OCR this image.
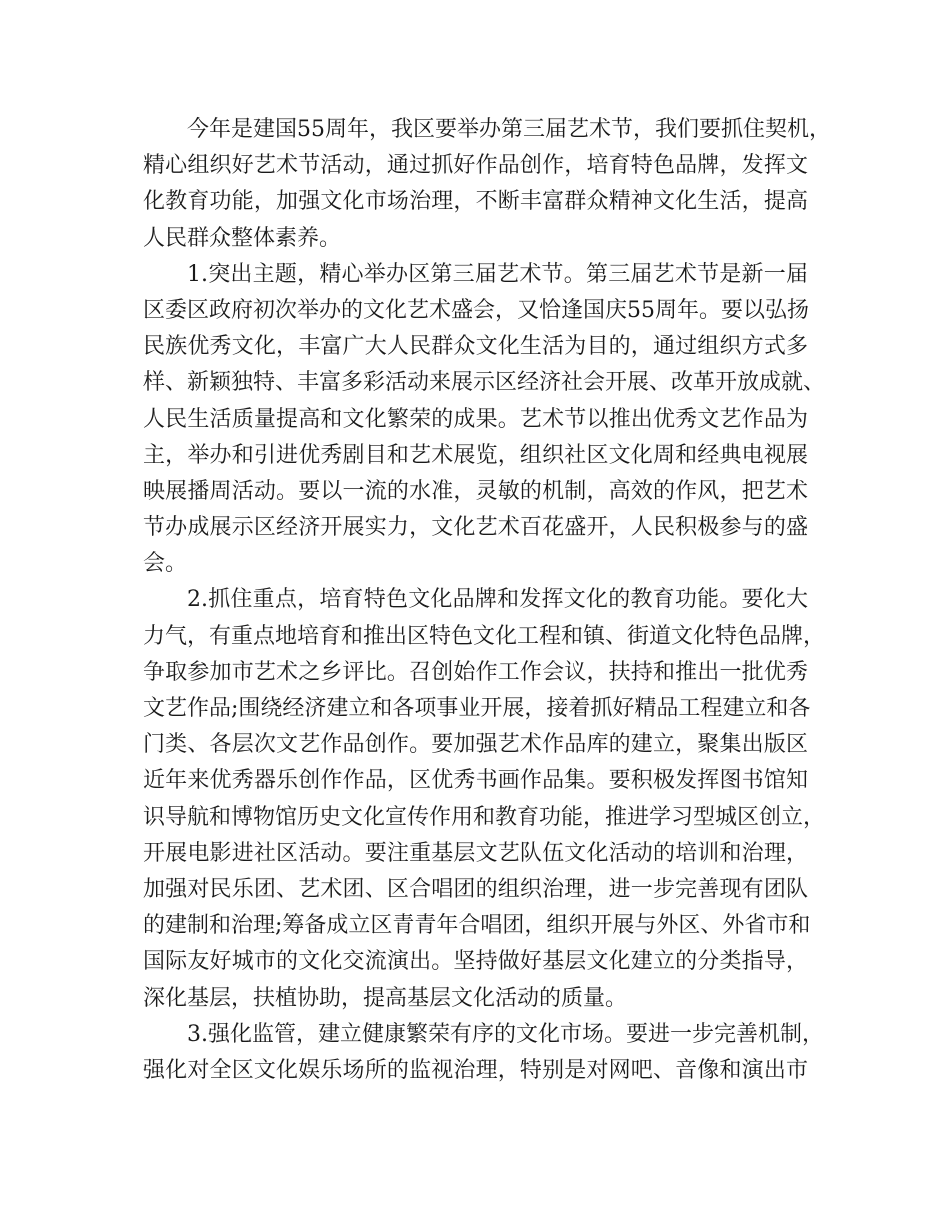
今年是建国55周年，我区要举办第三届艺术节，我们要抓住契机，
精心组织好艺术节活动，通过抓好作品创作，培育特色品牌，发挥文
化教育功能，加强文化市场治理，不断丰富群众精神文化生活，提高
人民群众整体素养。
1.突出主题，精心举办区第三届艺术节。第三届艺术节是新一届
区委区政府初次举办的文化艺术盛会，又恰逢国庆55周年。要以弘扬
民族优秀文化，丰富广大人民群众文化生活为目的，通过组织方式多
样、新颖独特、丰富多彩活动来展示区经济社会开展、改革开放成就、
人民生活质量提高和文化繁荣的成果。艺术节以推出优秀文艺作品为
主，举办和引进优秀剧目和艺术展览，组织社区文化周和经典电视展
映展播周活动。要以一流的水准，灵敏的机制，高效的作风，把艺术
节办成展示区经济开展实力，文化艺术百花盛开，人民积极参与的盛
会。
2.抓住重点，培育特色文化品牌和发挥文化的教育功能。要化大
力气，有重点地培育和推出区特色文化工程和镇、街道文化特色品牌，
争取参加市艺术之乡评比。召创始作工作会议，扶持和推出一批优秀
文艺作品;围绕经济建立和各项事业开展，接着抓好精品工程建立和各
门类、各层次文艺作品创作。要加强艺术作品库的建立，聚集出版区
近年来优秀器乐创作作品，区优秀书画作品集。要积极发挥图书馆知
识导航和博物馆历史文化宣传作用和教育功能，推进学习型城区创立，
开展电影进社区活动。要注重基层文艺队伍文化活动的培训和治理，
加强对民乐团、艺术团、区合唱团的组织治理，进一步完善现有团队
的建制和治理;筹备成立区青青年合唱团，组织开展与外区、外省市和
国际友好城市的文化交流演出。坚持做好基层文化建立的分类指导，
深化基层，扶植协助，提高基层文化活动的质量。
3.强化监管，建立健康繁荣有序的文化市场。要进一步完善机制，
强化对全区文化娱乐场所的监视治理，特别是对网吧、音像和演出市
